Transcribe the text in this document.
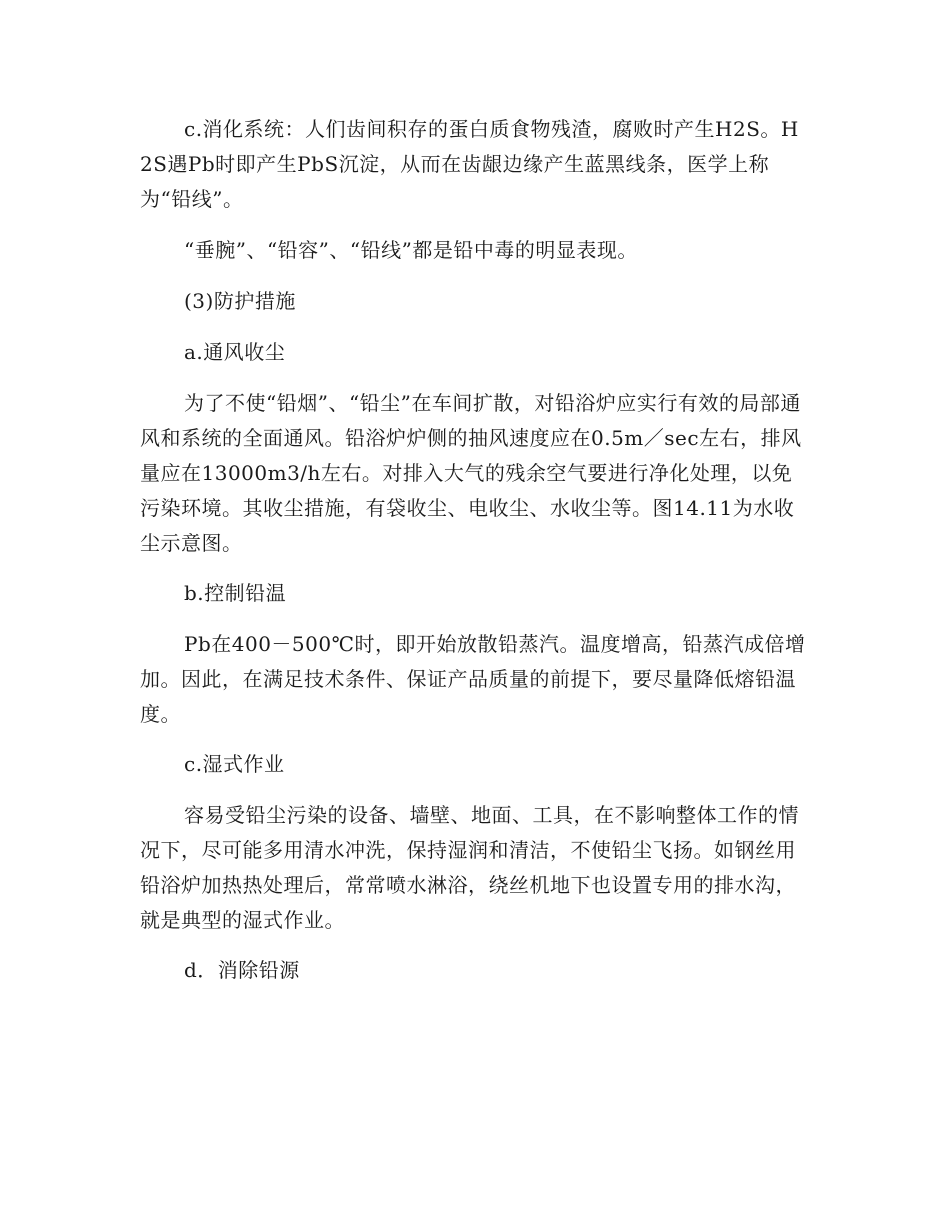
c.消化系统：人们齿间积存的蛋白质食物残渣，腐败时产生H2S。H2S遇Pb时即产生PbS沉淀，从而在齿龈边缘产生蓝黑线条，医学上称为“铅线”。

“垂腕”、“铅容”、“铅线”都是铅中毒的明显表现。

(3)防护措施

a.通风收尘

为了不使“铅烟”、“铅尘”在车间扩散，对铅浴炉应实行有效的局部通风和系统的全面通风。铅浴炉炉侧的抽风速度应在0.5m／sec左右，排风量应在13000m3/h左右。对排入大气的残余空气要进行净化处理，以免污染环境。其收尘措施，有袋收尘、电收尘、水收尘等。图14.11为水收尘示意图。

b.控制铅温

Pb在400－500℃时，即开始放散铅蒸汽。温度增高，铅蒸汽成倍增加。因此，在满足技术条件、保证产品质量的前提下，要尽量降低熔铅温度。

c.湿式作业

容易受铅尘污染的设备、墙壁、地面、工具，在不影响整体工作的情况下，尽可能多用清水冲洗，保持湿润和清洁，不使铅尘飞扬。如钢丝用铅浴炉加热热处理后，常常喷水淋浴，绕丝机地下也设置专用的排水沟，就是典型的湿式作业。

d．消除铅源
